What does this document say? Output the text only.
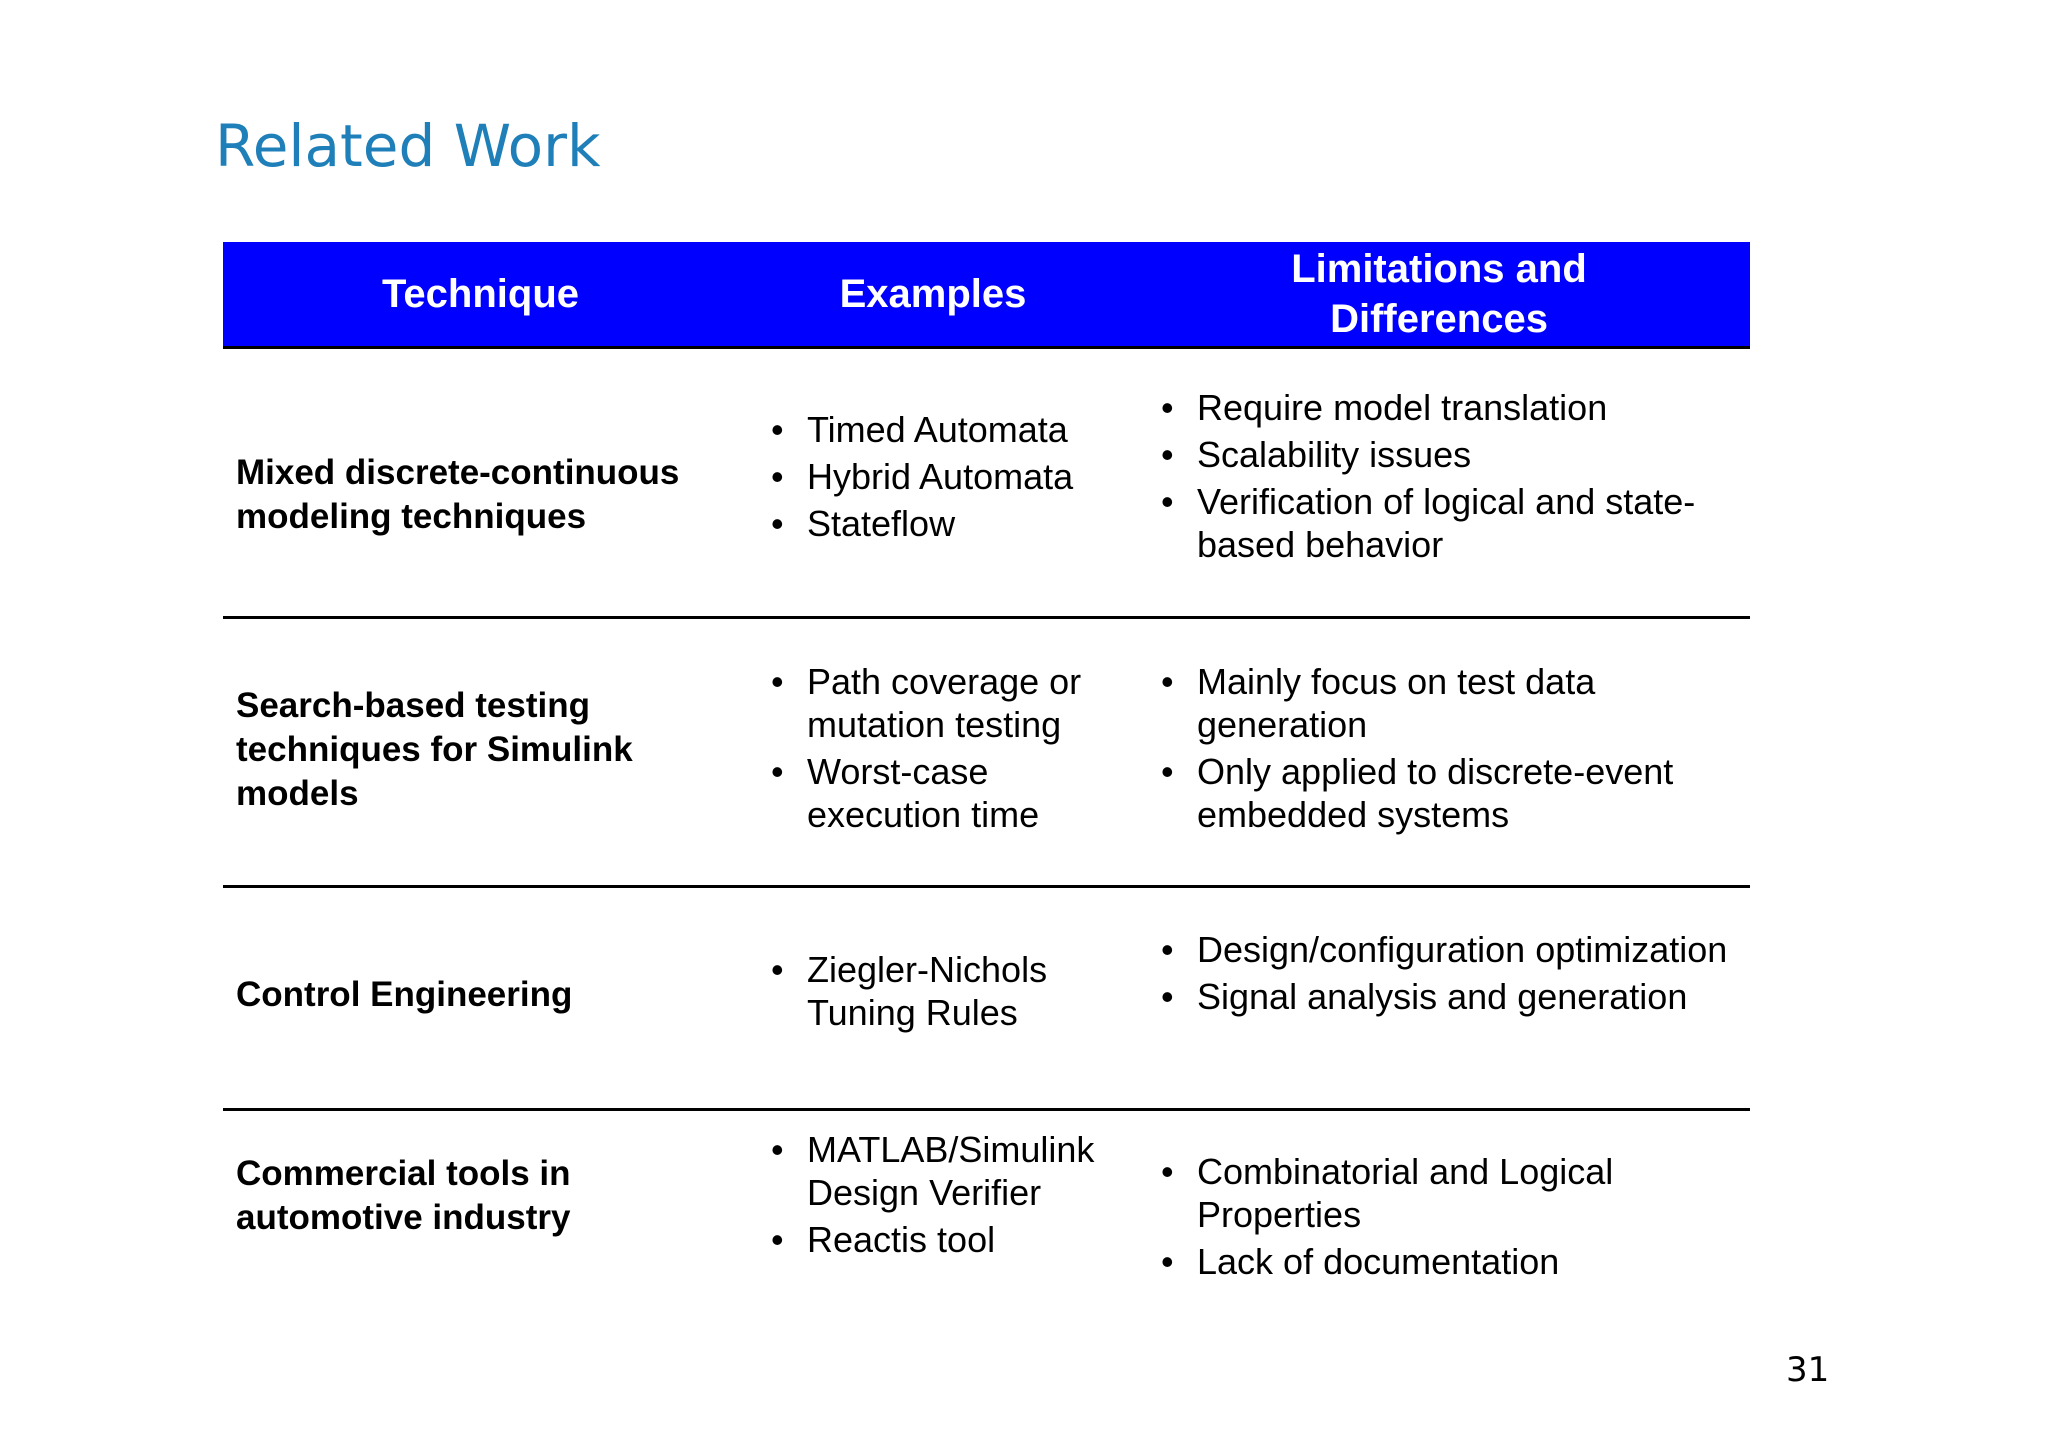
Related Work
Technique	Examples
Limitations and Differences
Mixed discrete-continuous modeling techniques
• Timed Automata
• Hybrid Automata
• Stateflow
• Require model translation
• Scalability issues
• Verification of logical and state-based behavior
Search-based testing techniques for Simulink models
• Path coverage or mutation testing
• Worst-case execution time
• Mainly focus on test data generation
• Only applied to discrete-event embedded systems
Control Engineering
• Ziegler-Nichols Tuning Rules
• Design/configuration optimization
• Signal analysis and generation
Commercial tools in automotive industry
• MATLAB/Simulink Design Verifier
• Reactis tool
• Combinatorial and Logical Properties
• Lack of documentation
31
